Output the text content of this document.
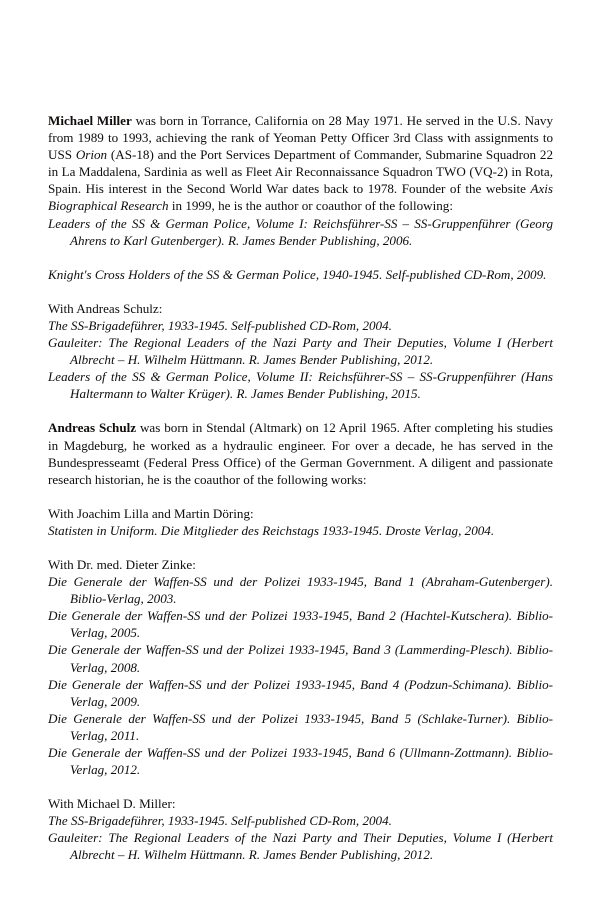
Michael Miller was born in Torrance, California on 28 May 1971. He served in the U.S. Navy from 1989 to 1993, achieving the rank of Yeoman Petty Officer 3rd Class with assignments to USS Orion (AS-18) and the Port Services Department of Commander, Submarine Squadron 22 in La Maddalena, Sardinia as well as Fleet Air Reconnaissance Squadron TWO (VQ-2) in Rota, Spain. His interest in the Second World War dates back to 1978. Founder of the website Axis Biographical Research in 1999, he is the author or coauthor of the following:

Leaders of the SS & German Police, Volume I: Reichsführer-SS – SS-Gruppenführer (Georg Ahrens to Karl Gutenberger). R. James Bender Publishing, 2006.

Knight's Cross Holders of the SS & German Police, 1940-1945. Self-published CD-Rom, 2009.

With Andreas Schulz:

The SS-Brigadeführer, 1933-1945. Self-published CD-Rom, 2004.

Gauleiter: The Regional Leaders of the Nazi Party and Their Deputies, Volume I (Herbert Albrecht – H. Wilhelm Hüttmann. R. James Bender Publishing, 2012.

Leaders of the SS & German Police, Volume II: Reichsführer-SS – SS-Gruppenführer (Hans Haltermann to Walter Krüger). R. James Bender Publishing, 2015.

Andreas Schulz was born in Stendal (Altmark) on 12 April 1965. After completing his studies in Magdeburg, he worked as a hydraulic engineer. For over a decade, he has served in the Bundespresseamt (Federal Press Office) of the German Government. A diligent and passionate research historian, he is the coauthor of the following works:

With Joachim Lilla and Martin Döring:

Statisten in Uniform. Die Mitglieder des Reichstags 1933-1945. Droste Verlag, 2004.

With Dr. med. Dieter Zinke:

Die Generale der Waffen-SS und der Polizei 1933-1945, Band 1 (Abraham-Gutenberger). Biblio-Verlag, 2003.

Die Generale der Waffen-SS und der Polizei 1933-1945, Band 2 (Hachtel-Kutschera). Biblio-Verlag, 2005.

Die Generale der Waffen-SS und der Polizei 1933-1945, Band 3 (Lammerding-Plesch). Biblio-Verlag, 2008.

Die Generale der Waffen-SS und der Polizei 1933-1945, Band 4 (Podzun-Schimana). Biblio-Verlag, 2009.

Die Generale der Waffen-SS und der Polizei 1933-1945, Band 5 (Schlake-Turner). Biblio-Verlag, 2011.

Die Generale der Waffen-SS und der Polizei 1933-1945, Band 6 (Ullmann-Zottmann). Biblio-Verlag, 2012.

With Michael D. Miller:

The SS-Brigadeführer, 1933-1945. Self-published CD-Rom, 2004.

Gauleiter: The Regional Leaders of the Nazi Party and Their Deputies, Volume I (Herbert Albrecht – H. Wilhelm Hüttmann. R. James Bender Publishing, 2012.
